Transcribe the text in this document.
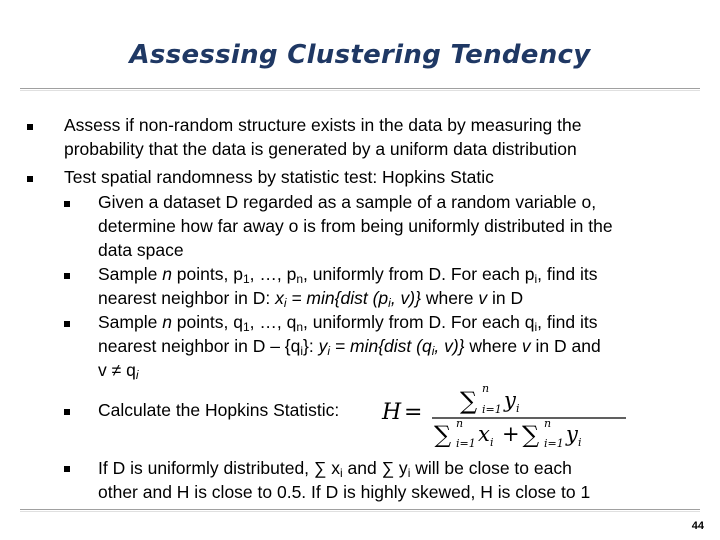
Assessing Clustering Tendency
Assess if non-random structure exists in the data by measuring the
probability that the data is generated by a uniform data distribution
Test spatial randomness by statistic test: Hopkins Static
Given a dataset D regarded as a sample of a random variable o,
determine how far away o is from being uniformly distributed in the
data space
Sample n points, $p_1$, …, $p_n$, uniformly from D. For each $p_i$, find its
nearest neighbor in D: $x_i$ = min{dist ($p_i$, v)} where v in D
Sample n points, $q_1$, …, $q_n$, uniformly from D. For each $q_i$, find its
nearest neighbor in D – $\{q_i\}$: $y_i$ = min{dist ($q_i$, v)} where v in D and
$v \ne q_i$
Calculate the Hopkins Statistic: H = ∑ n
i=1 y i
∑ n
i=1 x i + ∑ n
i=1 y i
If D is uniformly distributed, ∑ $x_i$ and ∑ $y_i$ will be close to each
other and H is close to 0.5. If D is highly skewed, H is close to 1
44
